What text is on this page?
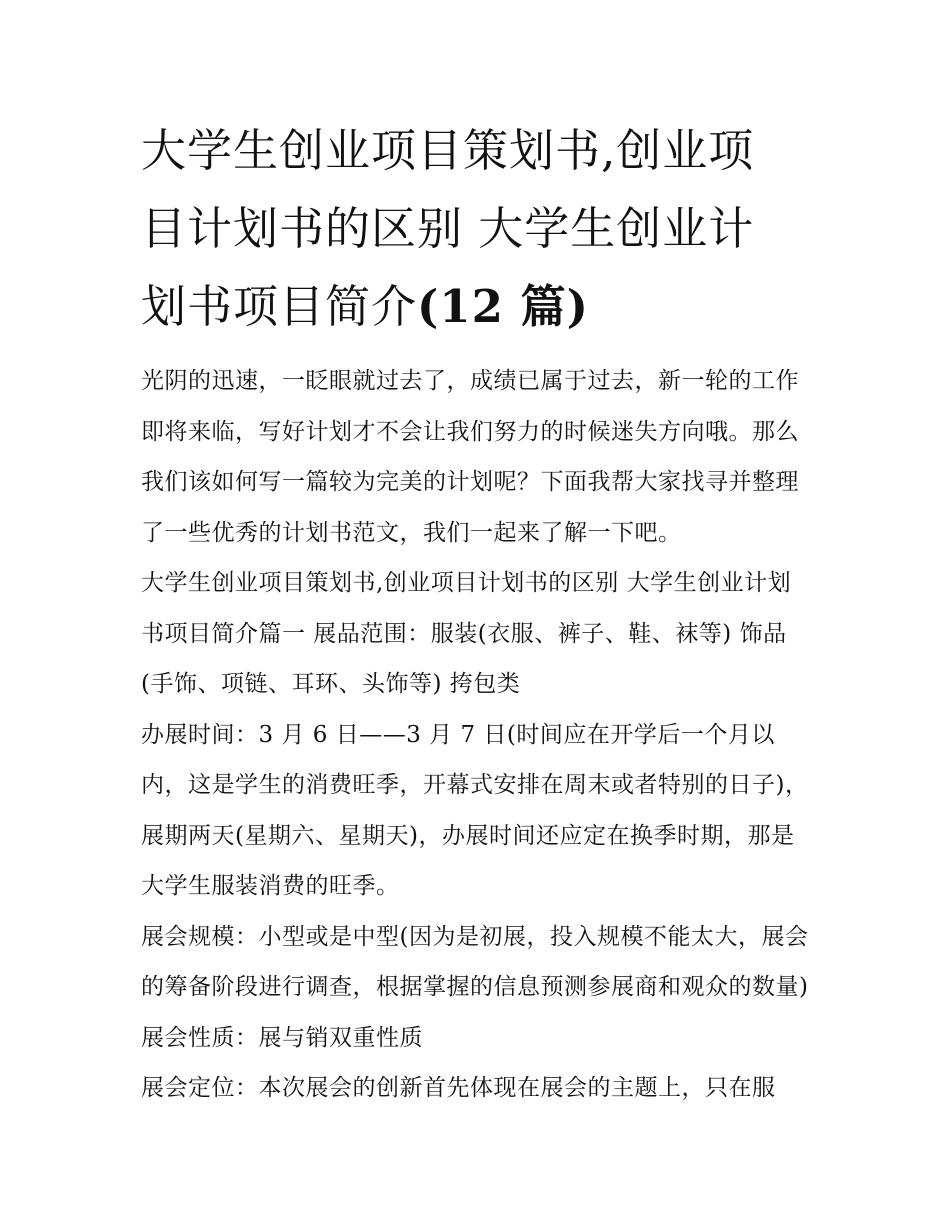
大学生创业项目策划书,创业项
目计划书的区别 大学生创业计
划书项目简介(12 篇)

光阴的迅速，一眨眼就过去了，成绩已属于过去，新一轮的工作即将来临，写好计划才不会让我们努力的时候迷失方向哦。那么我们该如何写一篇较为完美的计划呢？下面我帮大家找寻并整理了一些优秀的计划书范文，我们一起来了解一下吧。

大学生创业项目策划书,创业项目计划书的区别 大学生创业计划书项目简介篇一 展品范围：服装(衣服、裤子、鞋、袜等) 饰品(手饰、项链、耳环、头饰等) 挎包类

办展时间：3 月 6 日——3 月 7 日(时间应在开学后一个月以内，这是学生的消费旺季，开幕式安排在周末或者特别的日子)，展期两天(星期六、星期天)，办展时间还应定在换季时期，那是大学生服装消费的旺季。

展会规模：小型或是中型(因为是初展，投入规模不能太大，展会的筹备阶段进行调查，根据掌握的信息预测参展商和观众的数量) 展会性质：展与销双重性质

展会定位：本次展会的创新首先体现在展会的主题上，只在服
